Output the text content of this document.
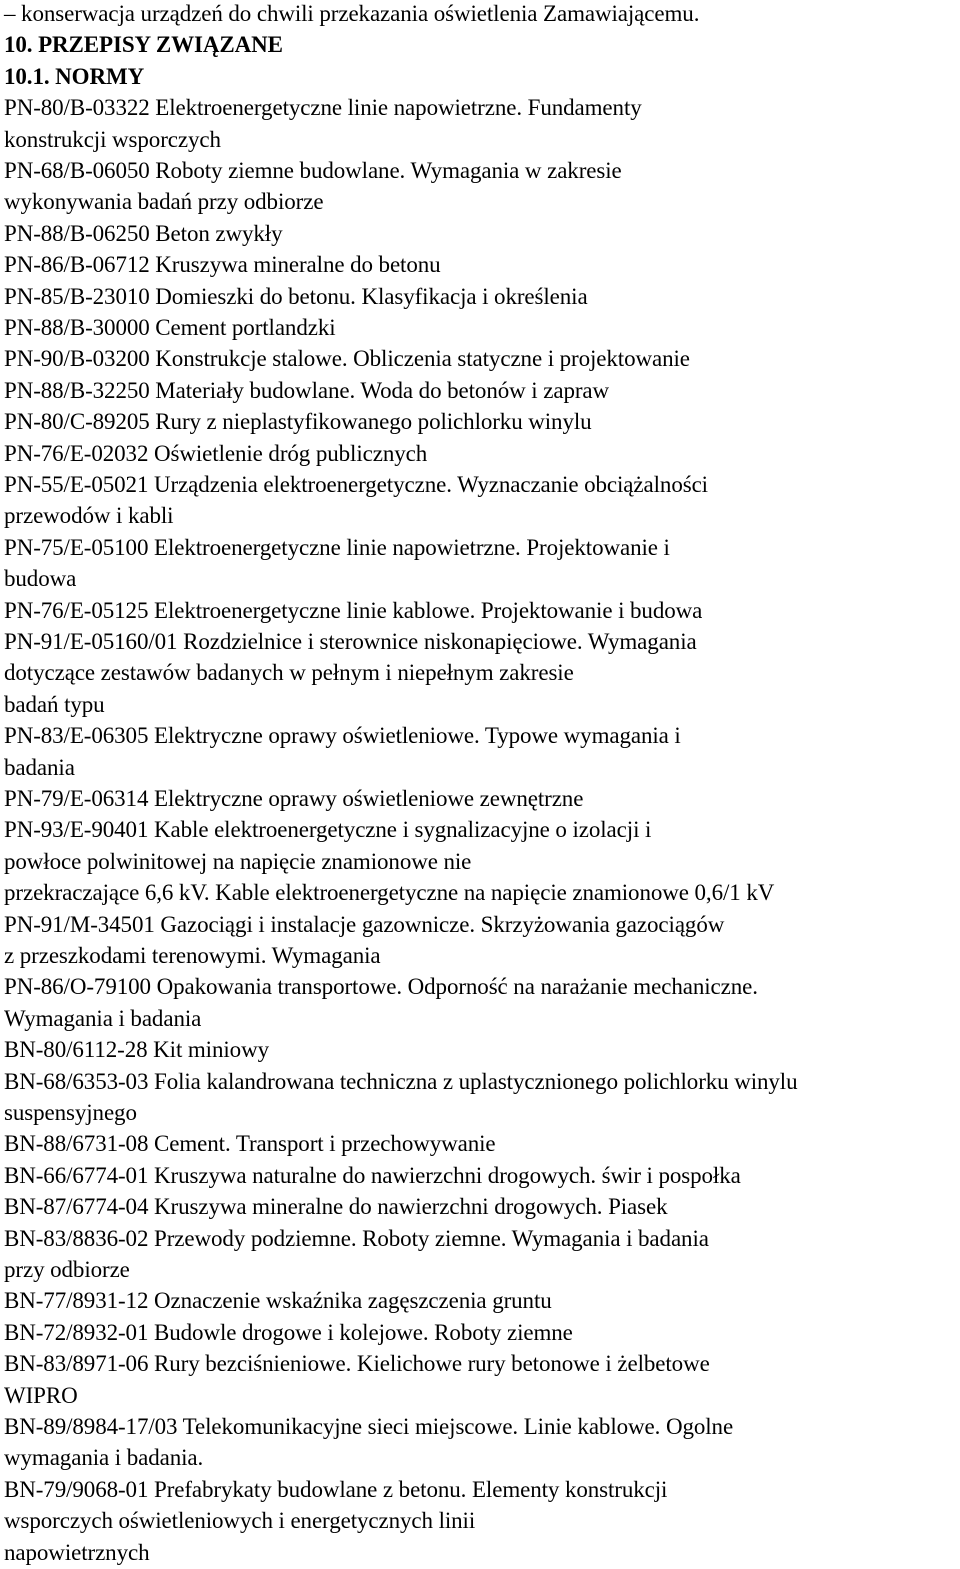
– konserwacja urządzeń do chwili przekazania oświetlenia Zamawiającemu.
10. PRZEPISY ZWIĄZANE
10.1. NORMY
PN-80/B-03322 Elektroenergetyczne linie napowietrzne. Fundamenty
konstrukcji wsporczych
PN-68/B-06050 Roboty ziemne budowlane. Wymagania w zakresie
wykonywania badań przy odbiorze
PN-88/B-06250 Beton zwykły
PN-86/B-06712 Kruszywa mineralne do betonu
PN-85/B-23010 Domieszki do betonu. Klasyfikacja i określenia
PN-88/B-30000 Cement portlandzki
PN-90/B-03200 Konstrukcje stalowe. Obliczenia statyczne i projektowanie
PN-88/B-32250 Materiały budowlane. Woda do betonów i zapraw
PN-80/C-89205 Rury z nieplastyfikowanego polichlorku winylu
PN-76/E-02032 Oświetlenie dróg publicznych
PN-55/E-05021 Urządzenia elektroenergetyczne. Wyznaczanie obciążalności
przewodów i kabli
PN-75/E-05100 Elektroenergetyczne linie napowietrzne. Projektowanie i
budowa
PN-76/E-05125 Elektroenergetyczne linie kablowe. Projektowanie i budowa
PN-91/E-05160/01 Rozdzielnice i sterownice niskonapięciowe. Wymagania
dotyczące zestawów badanych w pełnym i niepełnym zakresie
badań typu
PN-83/E-06305 Elektryczne oprawy oświetleniowe. Typowe wymagania i
badania
PN-79/E-06314 Elektryczne oprawy oświetleniowe zewnętrzne
PN-93/E-90401 Kable elektroenergetyczne i sygnalizacyjne o izolacji i
powłoce polwinitowej na napięcie znamionowe nie
przekraczające 6,6 kV. Kable elektroenergetyczne na napięcie znamionowe 0,6/1 kV
PN-91/M-34501 Gazociągi i instalacje gazownicze. Skrzyżowania gazociągów
z przeszkodami terenowymi. Wymagania
PN-86/O-79100 Opakowania transportowe. Odporność na narażanie mechaniczne.
Wymagania i badania
BN-80/6112-28 Kit miniowy
BN-68/6353-03 Folia kalandrowana techniczna z uplastycznionego polichlorku winylu
suspensyjnego
BN-88/6731-08 Cement. Transport i przechowywanie
BN-66/6774-01 Kruszywa naturalne do nawierzchni drogowych. świr i pospołka
BN-87/6774-04 Kruszywa mineralne do nawierzchni drogowych. Piasek
BN-83/8836-02 Przewody podziemne. Roboty ziemne. Wymagania i badania
przy odbiorze
BN-77/8931-12 Oznaczenie wskaźnika zagęszczenia gruntu
BN-72/8932-01 Budowle drogowe i kolejowe. Roboty ziemne
BN-83/8971-06 Rury bezciśnieniowe. Kielichowe rury betonowe i żelbetowe
WIPRO
BN-89/8984-17/03 Telekomunikacyjne sieci miejscowe. Linie kablowe. Ogolne
wymagania i badania.
BN-79/9068-01 Prefabrykaty budowlane z betonu. Elementy konstrukcji
wsporczych oświetleniowych i energetycznych linii
napowietrznych
